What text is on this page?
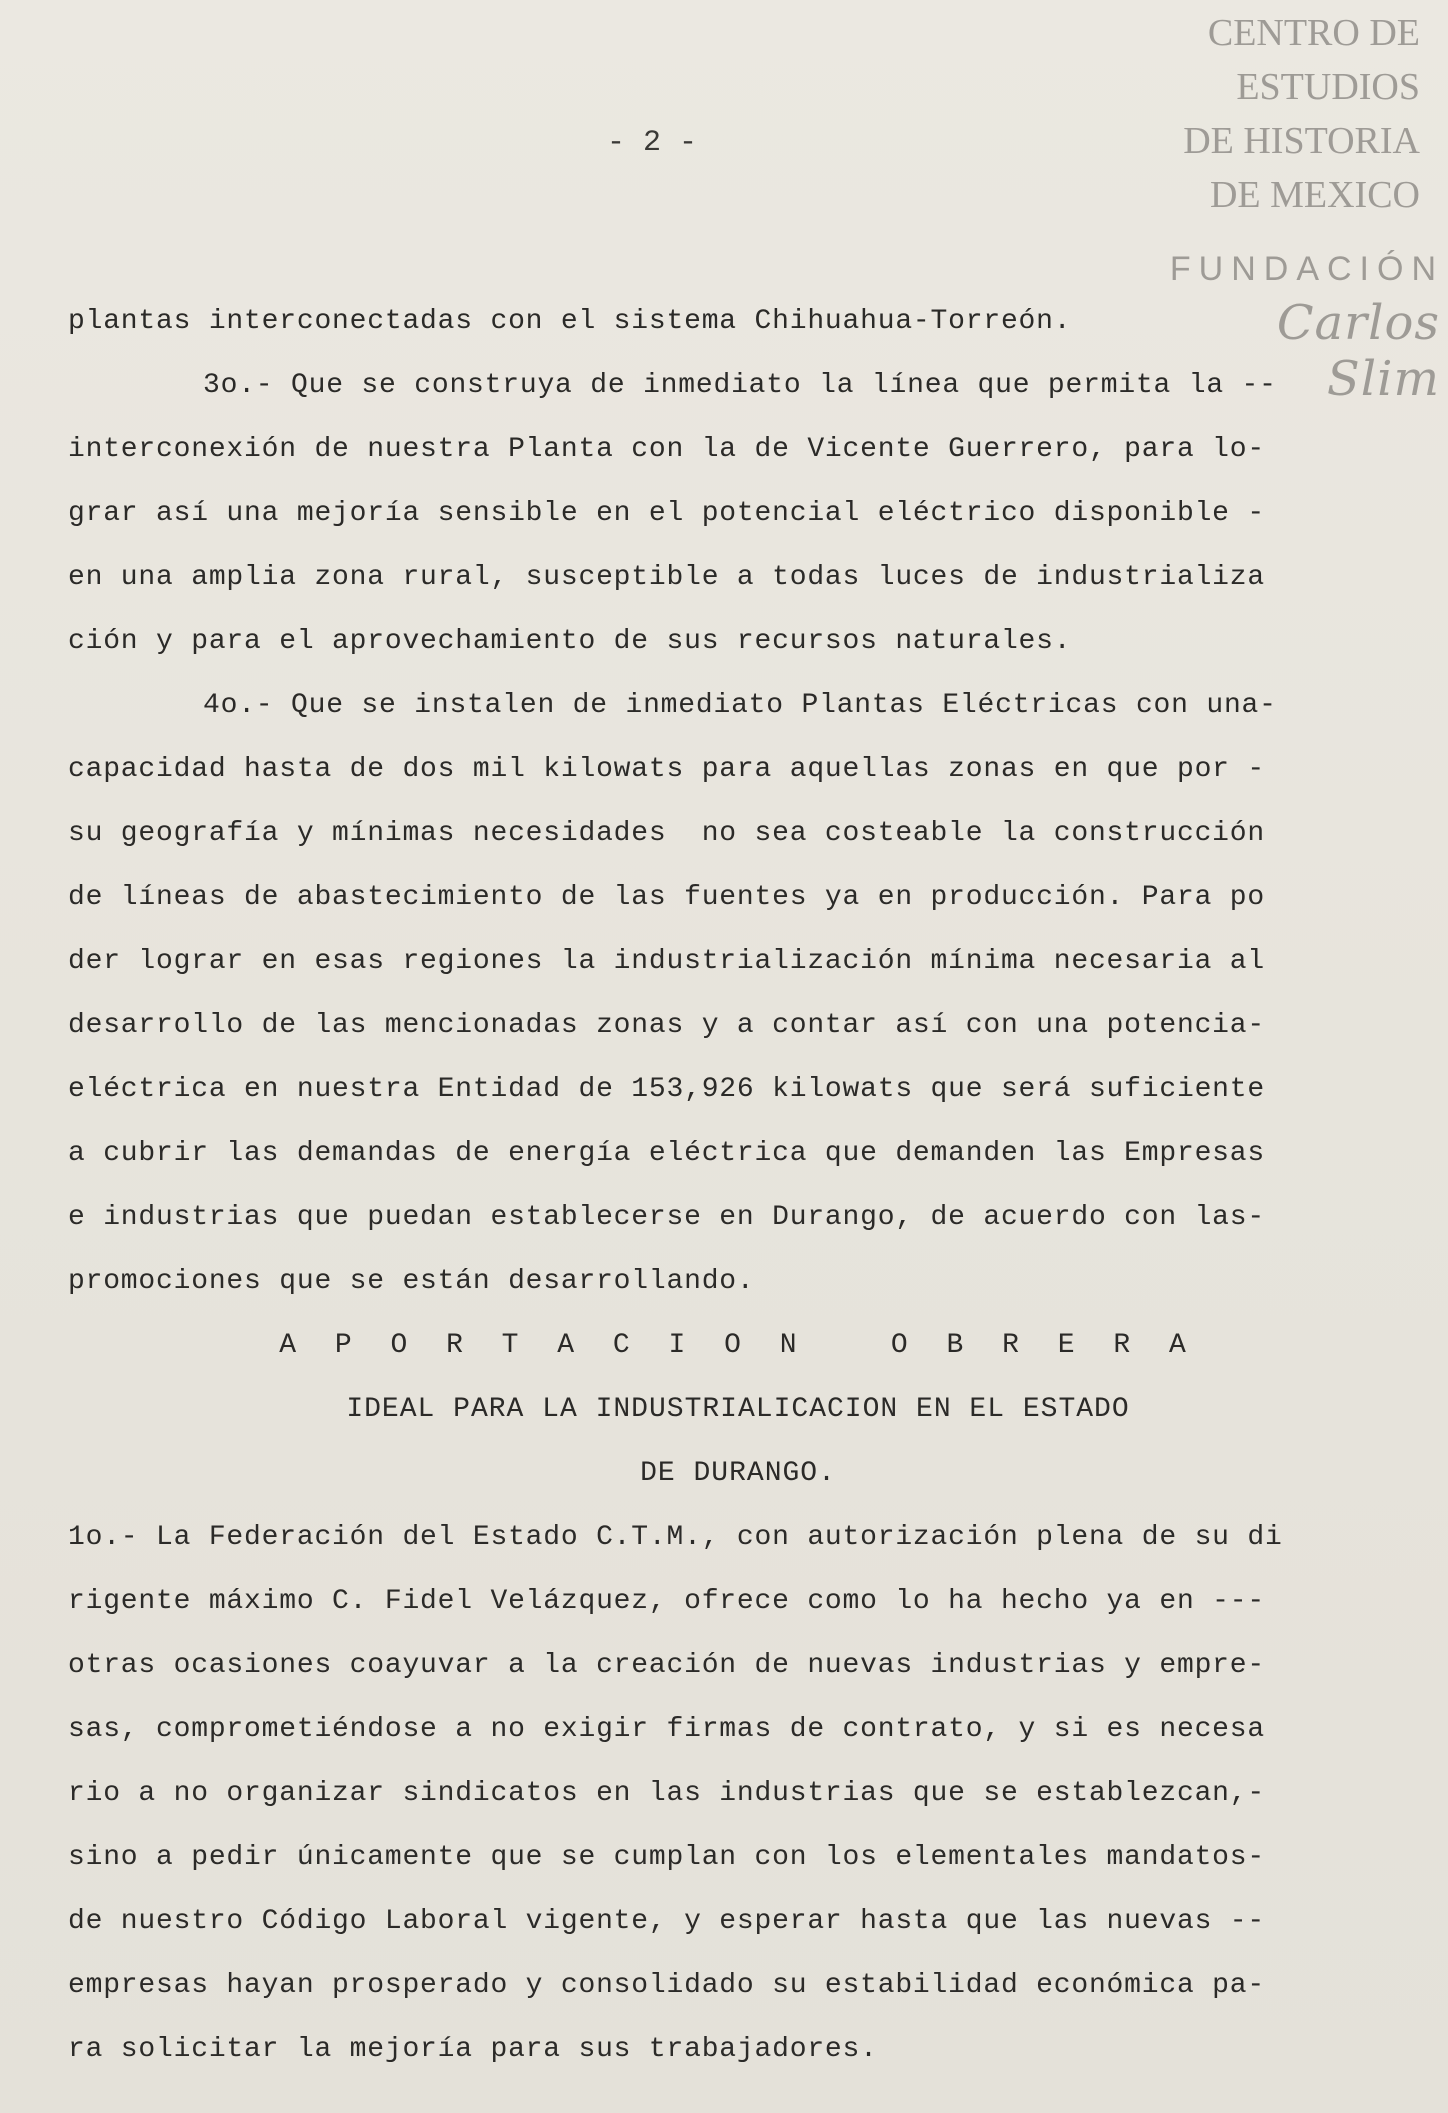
CENTRO DE
ESTUDIOS
DE HISTORIA
DE MEXICO
FUNDACIÓN
Carlos Slim
- 2 -
plantas interconectadas con el sistema Chihuahua-Torreón.
3o.- Que se construya de inmediato la línea que permita la --
interconexión de nuestra Planta con la de Vicente Guerrero, para lo-
grar así una mejoría sensible en el potencial eléctrico disponible -
en una amplia zona rural, susceptible a todas luces de industrializa
ción y para el aprovechamiento de sus recursos naturales.
4o.- Que se instalen de inmediato Plantas Eléctricas con una-
capacidad hasta de dos mil kilowats para aquellas zonas en que por -
su geografía y mínimas necesidades  no sea costeable la construcción
de líneas de abastecimiento de las fuentes ya en producción. Para po
der lograr en esas regiones la industrialización mínima necesaria al
desarrollo de las mencionadas zonas y a contar así con una potencia-
eléctrica en nuestra Entidad de 153,926 kilowats que será suficiente
a cubrir las demandas de energía eléctrica que demanden las Empresas
e industrias que puedan establecerse en Durango, de acuerdo con las-
promociones que se están desarrollando.
A P O R T A C I O N   O B R E R A
IDEAL PARA LA INDUSTRIALICACION EN EL ESTADO
DE DURANGO.
1o.- La Federación del Estado C.T.M., con autorización plena de su di
rigente máximo C. Fidel Velázquez, ofrece como lo ha hecho ya en ---
otras ocasiones coayuvar a la creación de nuevas industrias y empre-
sas, comprometiéndose a no exigir firmas de contrato, y si es necesa
rio a no organizar sindicatos en las industrias que se establezcan,-
sino a pedir únicamente que se cumplan con los elementales mandatos-
de nuestro Código Laboral vigente, y esperar hasta que las nuevas --
empresas hayan prosperado y consolidado su estabilidad económica pa-
ra solicitar la mejoría para sus trabajadores.
